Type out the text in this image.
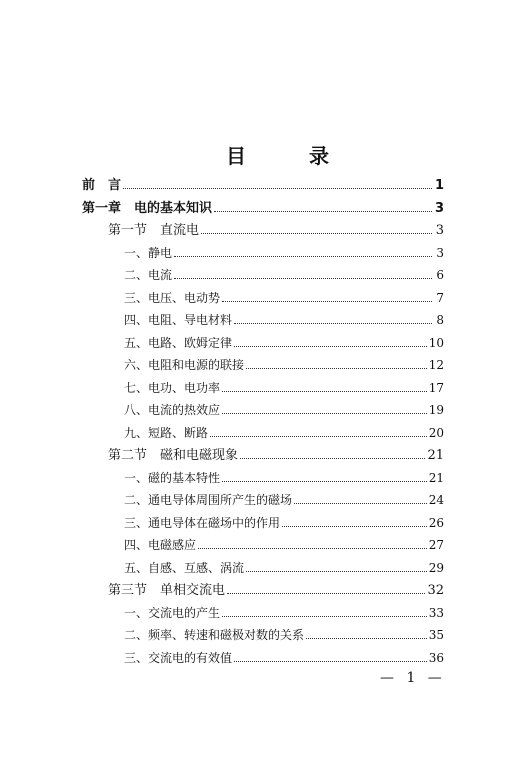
目 录
前　言	1
第一章　电的基本知识	3
第一节　直流电	3
一、静电	3
二、电流	6
三、电压、电动势	7
四、电阻、导电材料	8
五、电路、欧姆定律	10
六、电阻和电源的联接	12
七、电功、电功率	17
八、电流的热效应	19
九、短路、断路	20
第二节　磁和电磁现象	21
一、磁的基本特性	21
二、通电导体周围所产生的磁场	24
三、通电导体在磁场中的作用	26
四、电磁感应	27
五、自感、互感、涡流	29
第三节　单相交流电	32
一、交流电的产生	33
二、频率、转速和磁极对数的关系	35
三、交流电的有效值	36
— 1 —
